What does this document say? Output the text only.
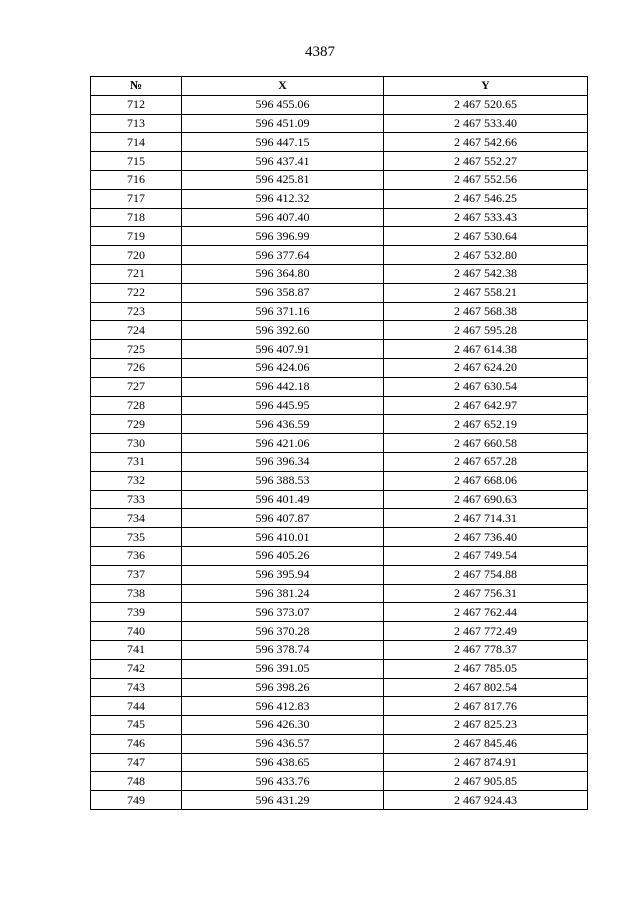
4387
№	X	Y
712	596 455.06	2 467 520.65
713	596 451.09	2 467 533.40
714	596 447.15	2 467 542.66
715	596 437.41	2 467 552.27
716	596 425.81	2 467 552.56
717	596 412.32	2 467 546.25
718	596 407.40	2 467 533.43
719	596 396.99	2 467 530.64
720	596 377.64	2 467 532.80
721	596 364.80	2 467 542.38
722	596 358.87	2 467 558.21
723	596 371.16	2 467 568.38
724	596 392.60	2 467 595.28
725	596 407.91	2 467 614.38
726	596 424.06	2 467 624.20
727	596 442.18	2 467 630.54
728	596 445.95	2 467 642.97
729	596 436.59	2 467 652.19
730	596 421.06	2 467 660.58
731	596 396.34	2 467 657.28
732	596 388.53	2 467 668.06
733	596 401.49	2 467 690.63
734	596 407.87	2 467 714.31
735	596 410.01	2 467 736.40
736	596 405.26	2 467 749.54
737	596 395.94	2 467 754.88
738	596 381.24	2 467 756.31
739	596 373.07	2 467 762.44
740	596 370.28	2 467 772.49
741	596 378.74	2 467 778.37
742	596 391.05	2 467 785.05
743	596 398.26	2 467 802.54
744	596 412.83	2 467 817.76
745	596 426.30	2 467 825.23
746	596 436.57	2 467 845.46
747	596 438.65	2 467 874.91
748	596 433.76	2 467 905.85
749	596 431.29	2 467 924.43
